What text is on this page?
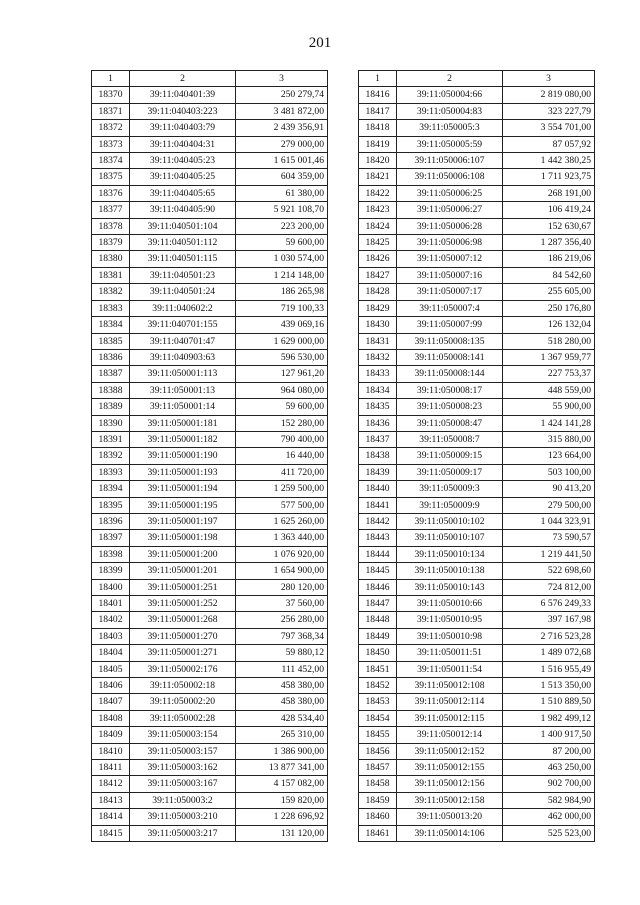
201
1	2	3
18370	39:11:040401:39	250 279,74
18371	39:11:040403:223	3 481 872,00
18372	39:11:040403:79	2 439 356,91
18373	39:11:040404:31	279 000,00
18374	39:11:040405:23	1 615 001,46
18375	39:11:040405:25	604 359,00
18376	39:11:040405:65	61 380,00
18377	39:11:040405:90	5 921 108,70
18378	39:11:040501:104	223 200,00
18379	39:11:040501:112	59 600,00
18380	39:11:040501:115	1 030 574,00
18381	39:11:040501:23	1 214 148,00
18382	39:11:040501:24	186 265,98
18383	39:11:040602:2	719 100,33
18384	39:11:040701:155	439 069,16
18385	39:11:040701:47	1 629 000,00
18386	39:11:040903:63	596 530,00
18387	39:11:050001:113	127 961,20
18388	39:11:050001:13	964 080,00
18389	39:11:050001:14	59 600,00
18390	39:11:050001:181	152 280,00
18391	39:11:050001:182	790 400,00
18392	39:11:050001:190	16 440,00
18393	39:11:050001:193	411 720,00
18394	39:11:050001:194	1 259 500,00
18395	39:11:050001:195	577 500,00
18396	39:11:050001:197	1 625 260,00
18397	39:11:050001:198	1 363 440,00
18398	39:11:050001:200	1 076 920,00
18399	39:11:050001:201	1 654 900,00
18400	39:11:050001:251	280 120,00
18401	39:11:050001:252	37 560,00
18402	39:11:050001:268	256 280,00
18403	39:11:050001:270	797 368,34
18404	39:11:050001:271	59 880,12
18405	39:11:050002:176	111 452,00
18406	39:11:050002:18	458 380,00
18407	39:11:050002:20	458 380,00
18408	39:11:050002:28	428 534,40
18409	39:11:050003:154	265 310,00
18410	39:11:050003:157	1 386 900,00
18411	39:11:050003:162	13 877 341,00
18412	39:11:050003:167	4 157 082,00
18413	39:11:050003:2	159 820,00
18414	39:11:050003:210	1 228 696,92
18415	39:11:050003:217	131 120,00
1	2	3
18416	39:11:050004:66	2 819 080,00
18417	39:11:050004:83	323 227,79
18418	39:11:050005:3	3 554 701,00
18419	39:11:050005:59	87 057,92
18420	39:11:050006:107	1 442 380,25
18421	39:11:050006:108	1 711 923,75
18422	39:11:050006:25	268 191,00
18423	39:11:050006:27	106 419,24
18424	39:11:050006:28	152 630,67
18425	39:11:050006:98	1 287 356,40
18426	39:11:050007:12	186 219,06
18427	39:11:050007:16	84 542,60
18428	39:11:050007:17	255 605,00
18429	39:11:050007:4	250 176,80
18430	39:11:050007:99	126 132,04
18431	39:11:050008:135	518 280,00
18432	39:11:050008:141	1 367 959,77
18433	39:11:050008:144	227 753,37
18434	39:11:050008:17	448 559,00
18435	39:11:050008:23	55 900,00
18436	39:11:050008:47	1 424 141,28
18437	39:11:050008:7	315 880,00
18438	39:11:050009:15	123 664,00
18439	39:11:050009:17	503 100,00
18440	39:11:050009:3	90 413,20
18441	39:11:050009:9	279 500,00
18442	39:11:050010:102	1 044 323,91
18443	39:11:050010:107	73 590,57
18444	39:11:050010:134	1 219 441,50
18445	39:11:050010:138	522 698,60
18446	39:11:050010:143	724 812,00
18447	39:11:050010:66	6 576 249,33
18448	39:11:050010:95	397 167,98
18449	39:11:050010:98	2 716 523,28
18450	39:11:050011:51	1 489 072,68
18451	39:11:050011:54	1 516 955,49
18452	39:11:050012:108	1 513 350,00
18453	39:11:050012:114	1 510 889,50
18454	39:11:050012:115	1 982 499,12
18455	39:11:050012:14	1 400 917,50
18456	39:11:050012:152	87 200,00
18457	39:11:050012:155	463 250,00
18458	39:11:050012:156	902 700,00
18459	39:11:050012:158	582 984,90
18460	39:11:050013:20	462 000,00
18461	39:11:050014:106	525 523,00
